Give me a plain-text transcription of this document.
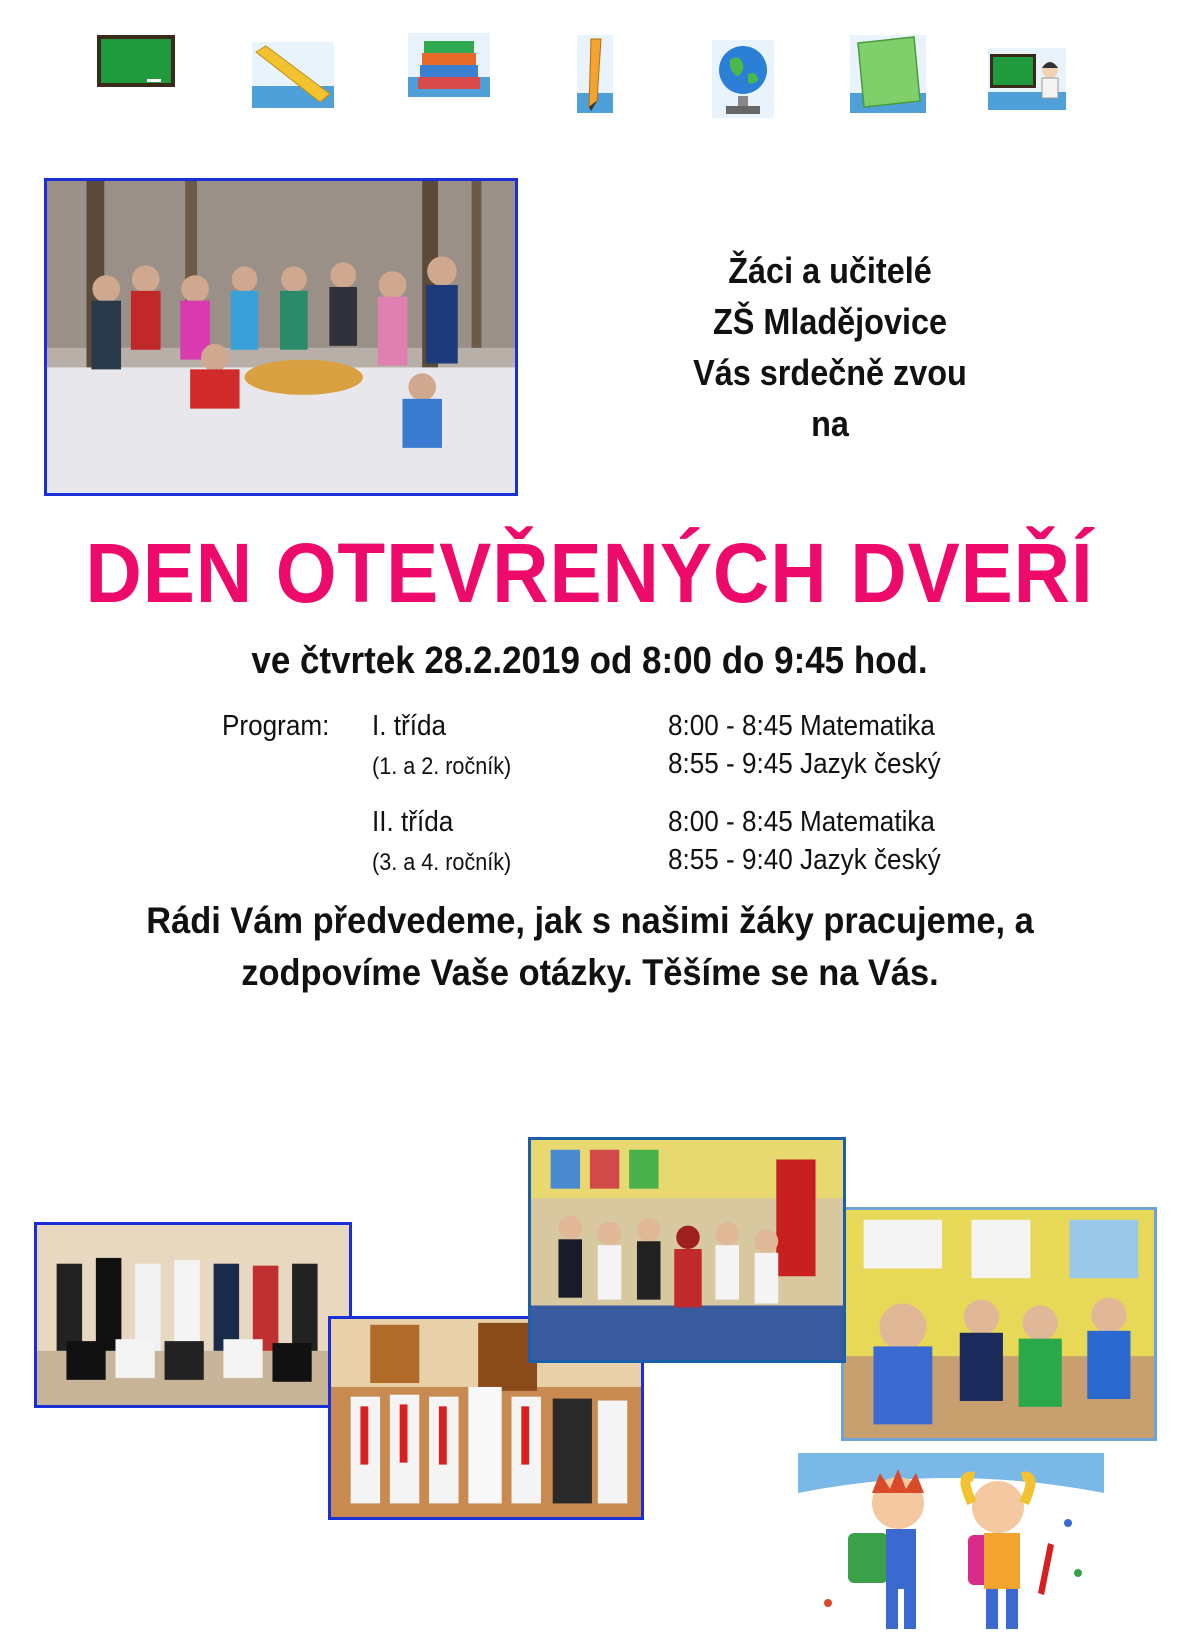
Žáci a učitelé
ZŠ Mladějovice
Vás srdečně zvou
na
DEN OTEVŘENÝCH DVEŘÍ
ve čtvrtek 28.2.2019 od 8:00 do 9:45 hod.
Program: I. třída
(1. a 2. ročník)
8:00 - 8:45 Matematika
8:55 - 9:45 Jazyk český
II. třída
(3. a 4. ročník)
8:00 - 8:45 Matematika
8:55 - 9:40 Jazyk český
Rádi Vám předvedeme, jak s našimi žáky pracujeme, a
zodpovíme Vaše otázky. Těšíme se na Vás.
